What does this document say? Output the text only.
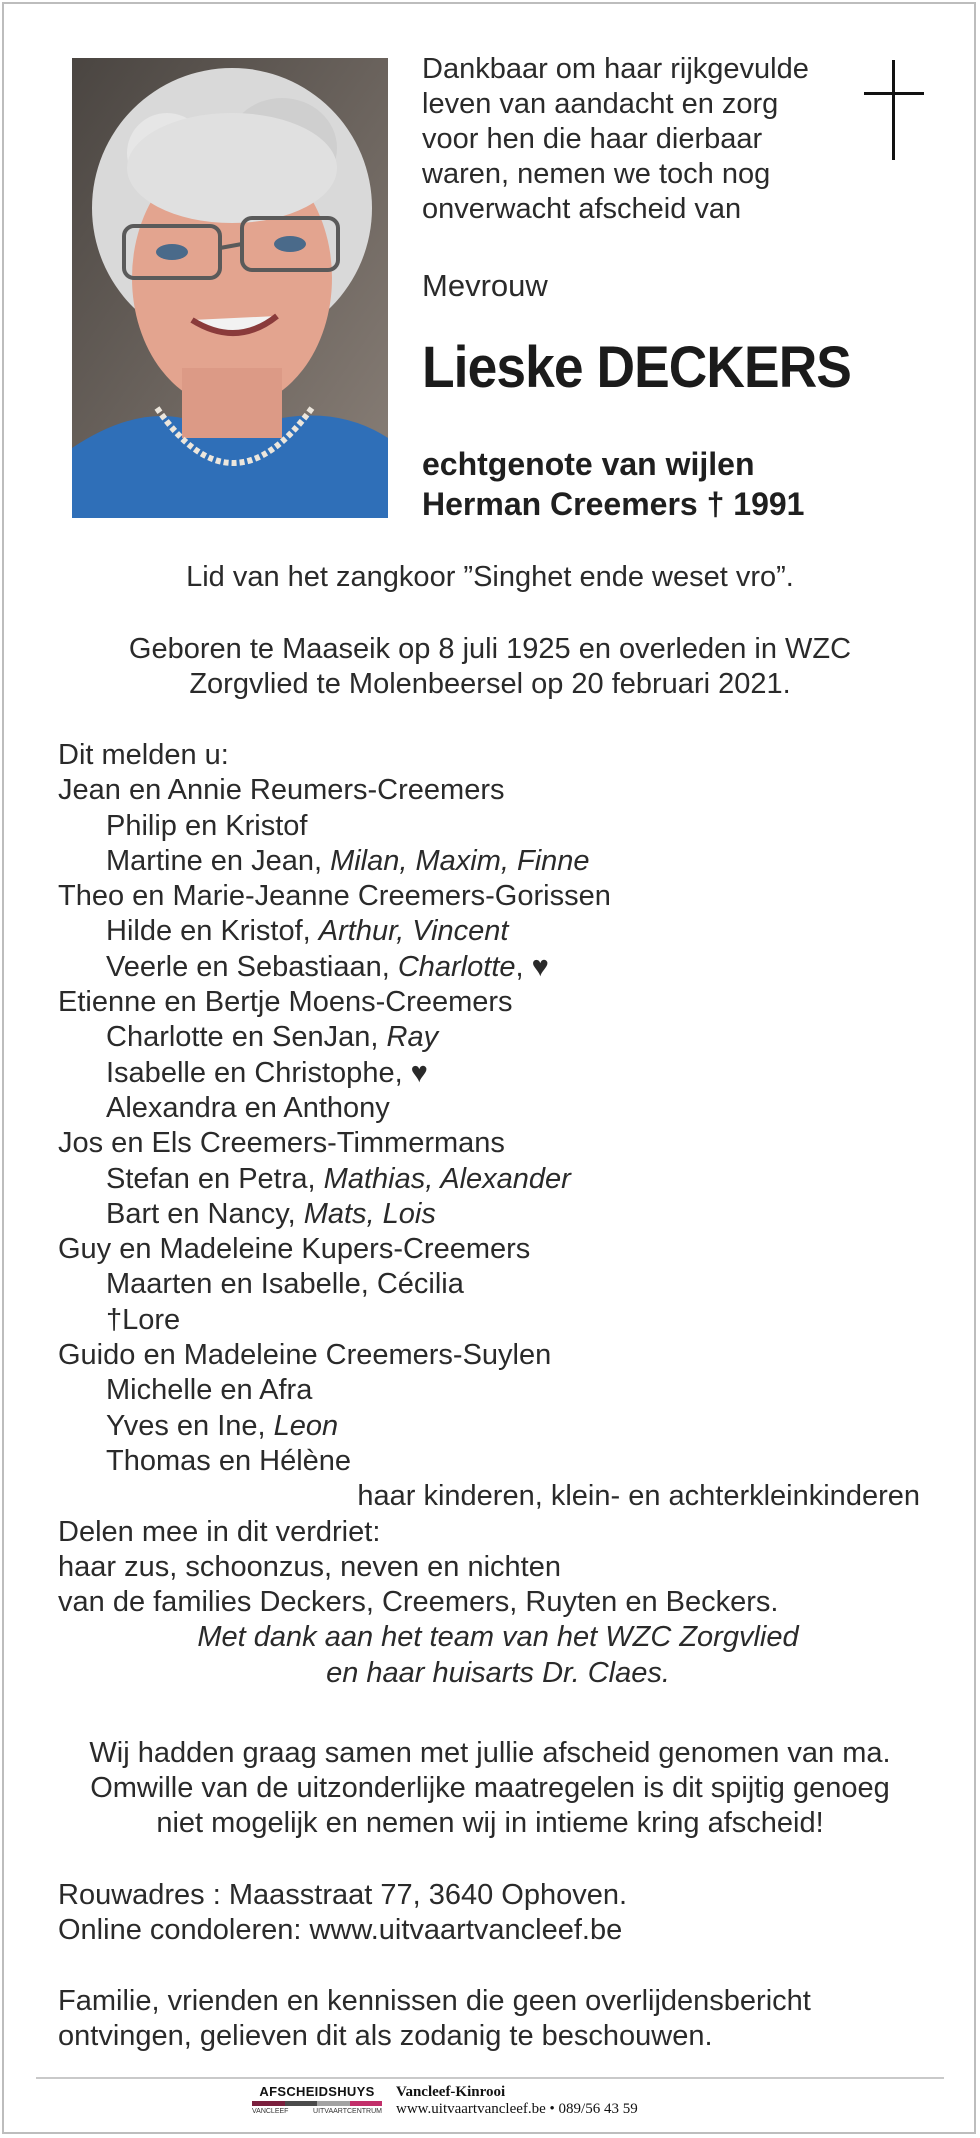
Dankbaar om haar rijkgevulde
leven van aandacht en zorg
voor hen die haar dierbaar
waren, nemen we toch nog
onverwacht afscheid van
Mevrouw
Lieske DECKERS
echtgenote van wijlen
Herman Creemers † 1991
Lid van het zangkoor ”Singhet ende weset vro”.
Geboren te Maaseik op 8 juli 1925 en overleden in WZC
Zorgvlied te Molenbeersel op 20 februari 2021.
Dit melden u:
Jean en Annie Reumers-Creemers
Philip en Kristof
Martine en Jean, Milan, Maxim, Finne
Theo en Marie-Jeanne Creemers-Gorissen
Hilde en Kristof, Arthur, Vincent
Veerle en Sebastiaan, Charlotte, ♥
Etienne en Bertje Moens-Creemers
Charlotte en SenJan, Ray
Isabelle en Christophe, ♥
Alexandra en Anthony
Jos en Els Creemers-Timmermans
Stefan en Petra, Mathias, Alexander
Bart en Nancy, Mats, Lois
Guy en Madeleine Kupers-Creemers
Maarten en Isabelle, Cécilia
†Lore
Guido en Madeleine Creemers-Suylen
Michelle en Afra
Yves en Ine, Leon
Thomas en Hélène
haar kinderen, klein- en achterkleinkinderen
Delen mee in dit verdriet:
haar zus, schoonzus, neven en nichten
van de families Deckers, Creemers, Ruyten en Beckers.
Met dank aan het team van het WZC Zorgvlied
en haar huisarts Dr. Claes.
Wij hadden graag samen met jullie afscheid genomen van ma.
Omwille van de uitzonderlijke maatregelen is dit spijtig genoeg
niet mogelijk en nemen wij in intieme kring afscheid!
Rouwadres : Maasstraat 77, 3640 Ophoven.
Online condoleren: www.uitvaartvancleef.be
Familie, vrienden en kennissen die geen overlijdensbericht
ontvingen, gelieven dit als zodanig te beschouwen.
AFSCHEIDSHUYS
VANCLEEF	UITVAARTCENTRUM
Vancleef-Kinrooi
www.uitvaartvancleef.be • 089/56 43 59
